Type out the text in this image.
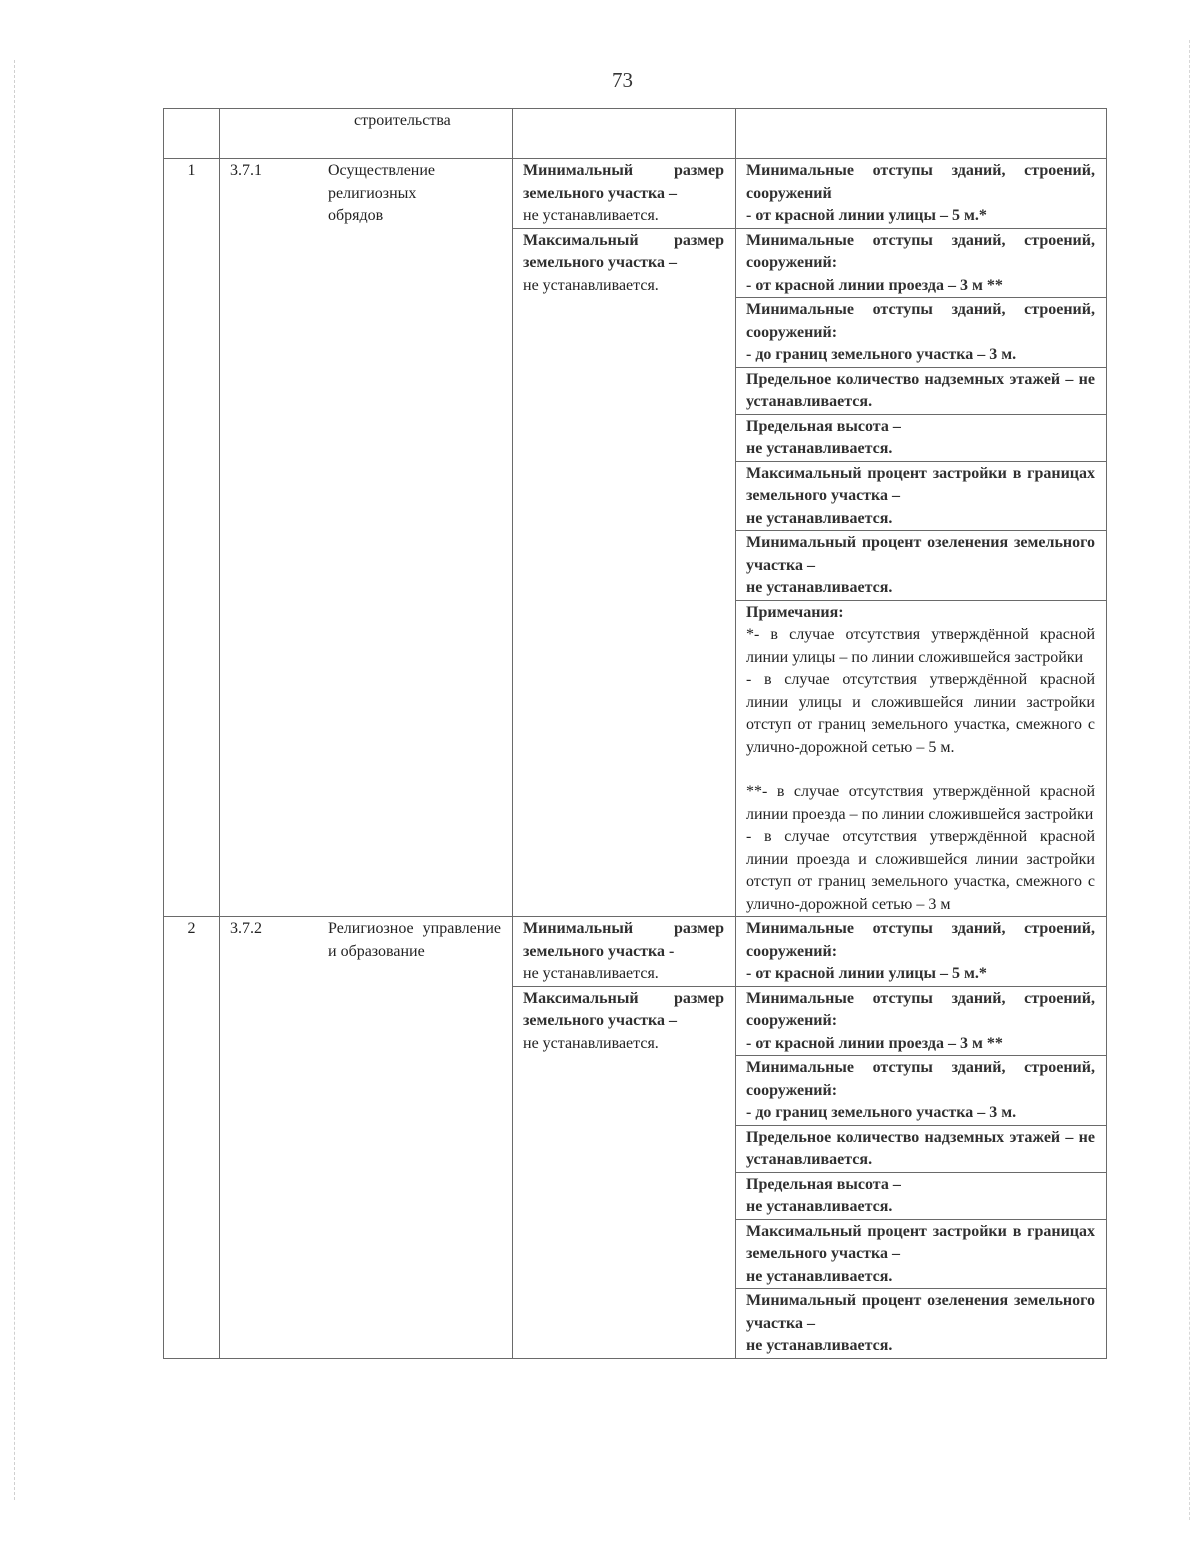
73

	строительства		

1	3.7.1 Осуществление
религиозных
обрядов	Минимальный размер земельного участка –
не устанавливается.	Минимальные отступы зданий, строений, сооружений
- от красной линии улицы – 5 м.*

		Максимальный размер земельного участка –
не устанавливается.	Минимальные отступы зданий, строений, сооружений:
- от красной линии проезда – 3 м **

			Минимальные отступы зданий, строений, сооружений:
- до границ земельного участка – 3 м.

			Предельное количество надземных этажей – не устанавливается.

			Предельная высота –
не устанавливается.

			Максимальный процент застройки в границах земельного участка –
не устанавливается.

			Минимальный процент озеленения земельного участка –
не устанавливается.

			Примечания:
*- в случае отсутствия утверждённой красной линии улицы – по линии сложившейся застройки
- в случае отсутствия утверждённой красной линии улицы и сложившейся линии застройки отступ от границ земельного участка, смежного с улично-дорожной сетью – 5 м.
**- в случае отсутствия утверждённой красной линии проезда – по линии сложившейся застройки
- в случае отсутствия утверждённой красной линии проезда и сложившейся линии застройки отступ от границ земельного участка, смежного с улично-дорожной сетью – 3 м

2	3.7.2 Религиозное управление и образование	Минимальный размер земельного участка -
не устанавливается.	Минимальные отступы зданий, строений, сооружений:
- от красной линии улицы – 5 м.*

		Максимальный размер земельного участка –
не устанавливается.	Минимальные отступы зданий, строений, сооружений:
- от красной линии проезда – 3 м **

			Минимальные отступы зданий, строений, сооружений:
- до границ земельного участка – 3 м.

			Предельное количество надземных этажей – не устанавливается.

			Предельная высота –
не устанавливается.

			Максимальный процент застройки в границах земельного участка –
не устанавливается.

			Минимальный процент озеленения земельного участка –
не устанавливается.
